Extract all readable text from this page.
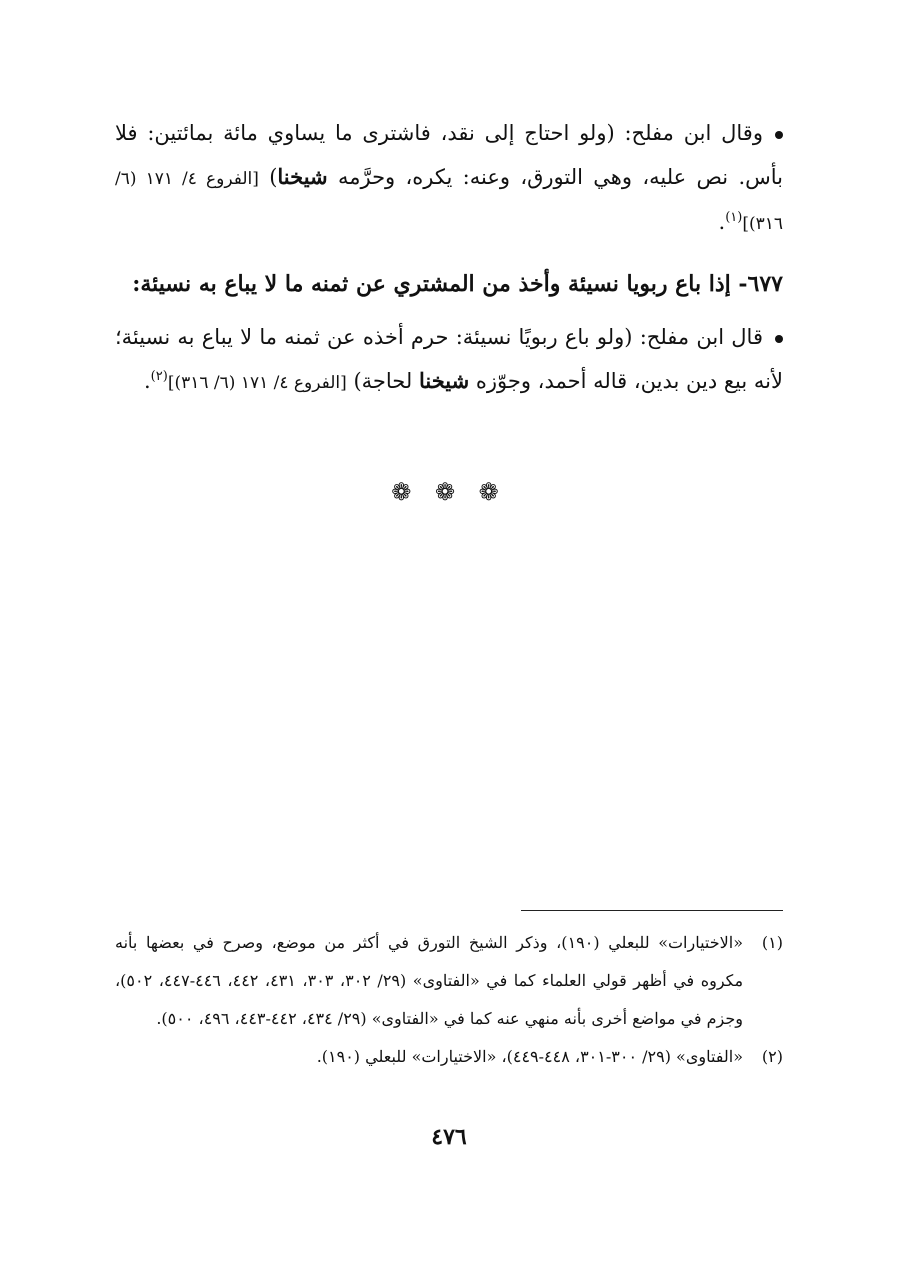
وقال ابن مفلح: (ولو احتاج إلى نقد، فاشترى ما يساوي مائة بمائتين: فلا بأس. نص عليه، وهي التورق، وعنه: يكره، وحرَّمه شيخنا) [الفروع ٤/ ١٧١ (٦/ ٣١٦)]$^{(١)}$.

٦٧٧- إذا باع ربويا نسيئة وأخذ من المشتري عن ثمنه ما لا يباع به نسيئة:

قال ابن مفلح: (ولو باع ربويًا نسيئة: حرم أخذه عن ثمنه ما لا يباع به نسيئة؛ لأنه بيع دين بدين، قاله أحمد، وجوّزه شيخنا لحاجة) [الفروع ٤/ ١٧١ (٦/ ٣١٦)]$^{(٢)}$.

❁ ❁ ❁
(١)
«الاختيارات» للبعلي (١٩٠)، وذكر الشيخ التورق في أكثر من موضع، وصرح في بعضها بأنه مكروه في أظهر قولي العلماء كما في «الفتاوى» (٢٩/ ٣٠٢، ٣٠٣، ٤٣١، ٤٤٢، ٤٤٦-٤٤٧، ٥٠٢)، وجزم في مواضع أخرى بأنه منهي عنه كما في «الفتاوى» (٢٩/ ٤٣٤، ٤٤٢-٤٤٣، ٤٩٦، ٥٠٠).
(٢)
«الفتاوى» (٢٩/ ٣٠٠-٣٠١، ٤٤٨-٤٤٩)، «الاختيارات» للبعلي (١٩٠).
٤٧٦
